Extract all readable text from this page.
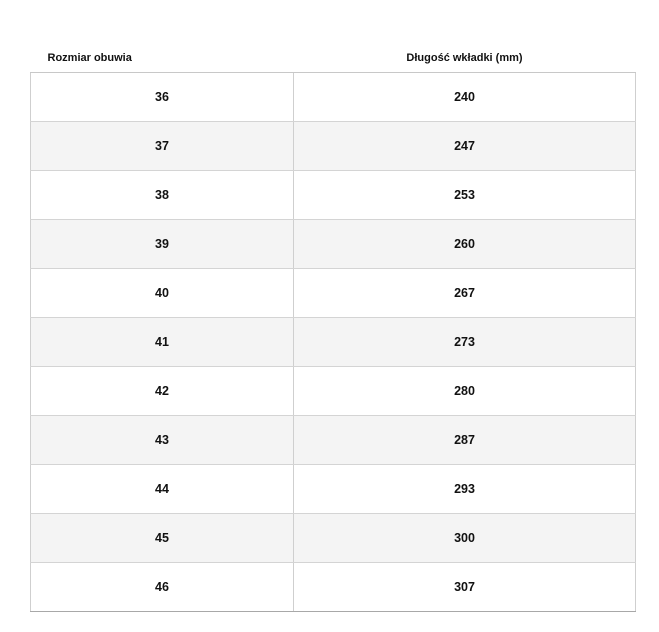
Rozmiar obuwia	Długość wkładki (mm)
36	240
37	247
38	253
39	260
40	267
41	273
42	280
43	287
44	293
45	300
46	307
